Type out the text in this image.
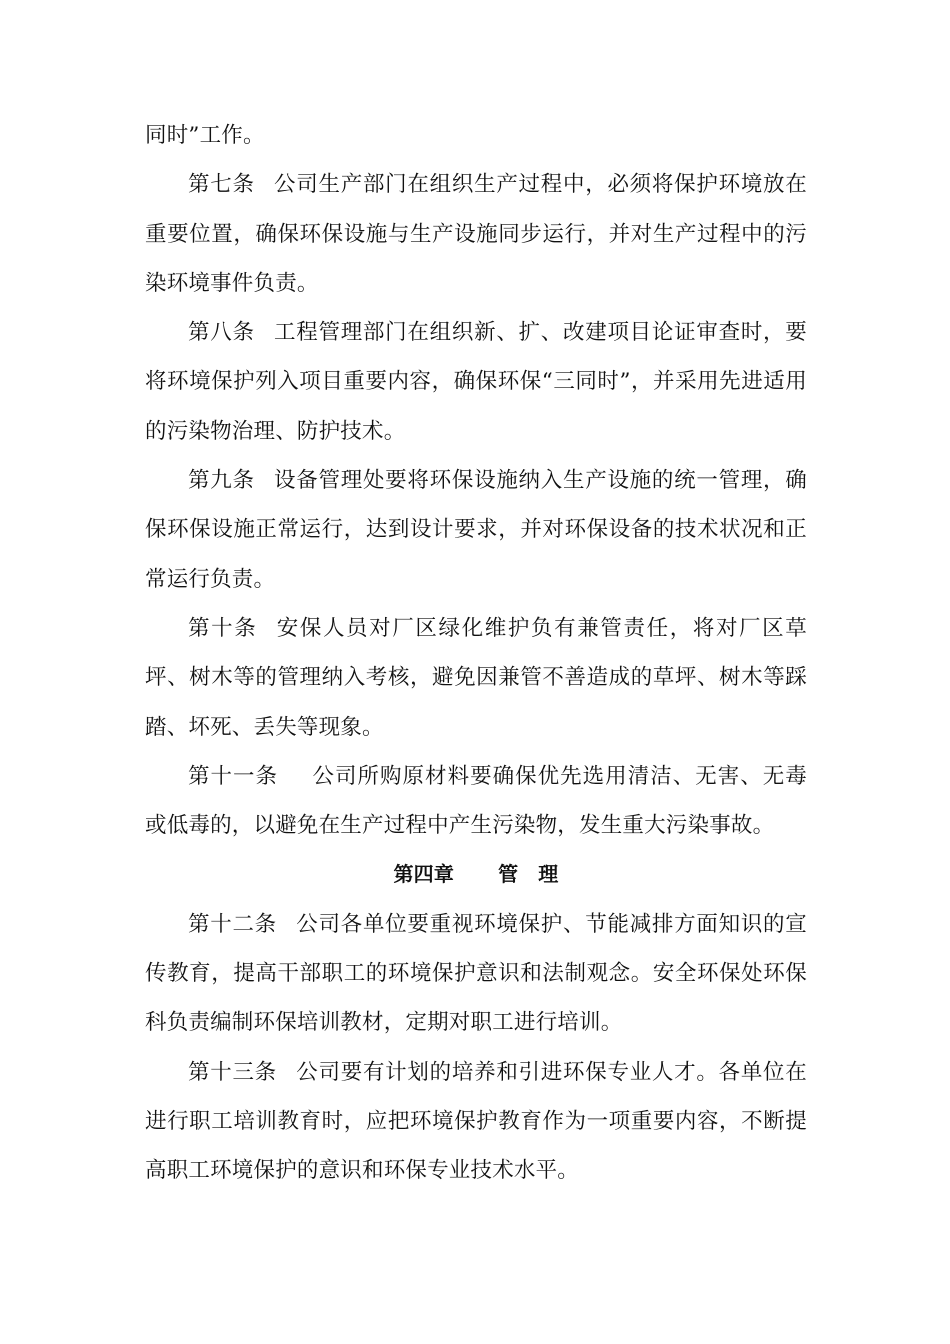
同时”工作。

第七条 公司生产部门在组织生产过程中，必须将保护环境放在重要位置，确保环保设施与生产设施同步运行，并对生产过程中的污染环境事件负责。

第八条 工程管理部门在组织新、扩、改建项目论证审查时，要将环境保护列入项目重要内容，确保环保“三同时”，并采用先进适用的污染物治理、防护技术。

第九条 设备管理处要将环保设施纳入生产设施的统一管理，确保环保设施正常运行，达到设计要求，并对环保设备的技术状况和正常运行负责。

第十条 安保人员对厂区绿化维护负有兼管责任，将对厂区草坪、树木等的管理纳入考核，避免因兼管不善造成的草坪、树木等踩踏、坏死、丢失等现象。

第十一条 公司所购原材料要确保优先选用清洁、无害、无毒或低毒的，以避免在生产过程中产生污染物，发生重大污染事故。

第四章 管 理

第十二条 公司各单位要重视环境保护、节能减排方面知识的宣传教育，提高干部职工的环境保护意识和法制观念。安全环保处环保科负责编制环保培训教材，定期对职工进行培训。

第十三条 公司要有计划的培养和引进环保专业人才。各单位在进行职工培训教育时，应把环境保护教育作为一项重要内容，不断提高职工环境保护的意识和环保专业技术水平。
